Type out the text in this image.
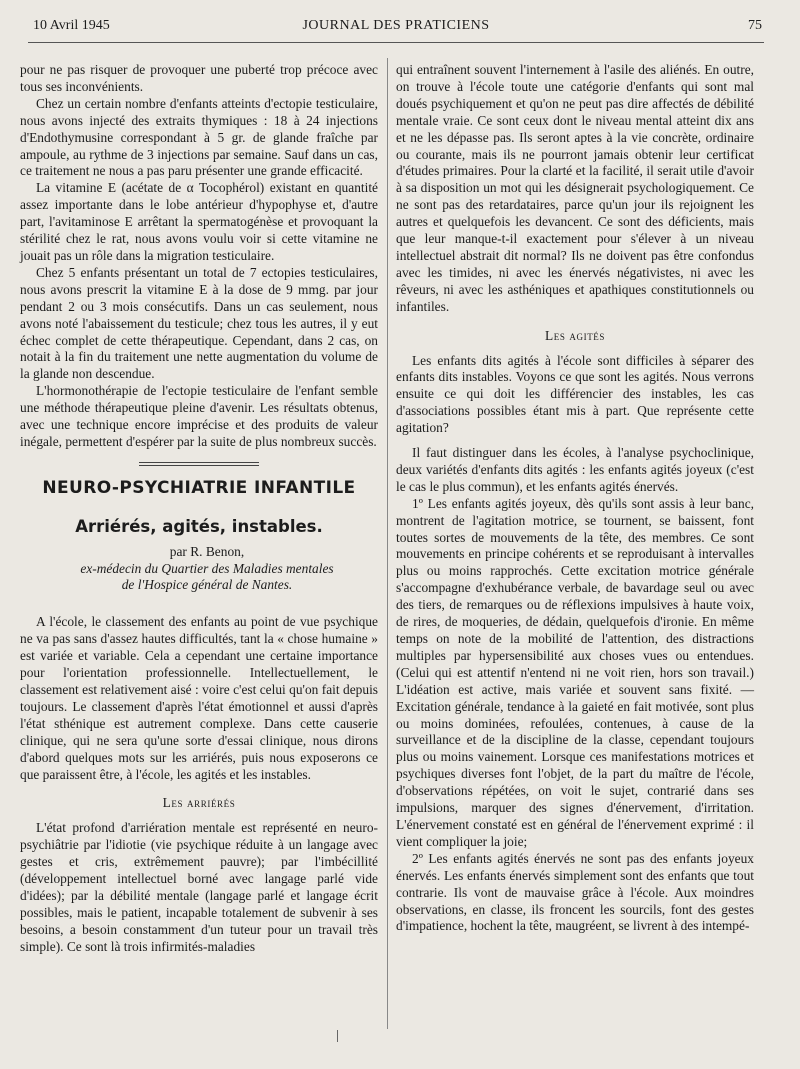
10 Avril 1945	JOURNAL DES PRATICIENS	75

pour ne pas risquer de provoquer une puberté trop précoce avec tous ses inconvénients.

Chez un certain nombre d'enfants atteints d'ectopie testiculaire, nous avons injecté des extraits thymiques : 18 à 24 injections d'Endothymusine correspondant à 5 gr. de glande fraîche par ampoule, au rythme de 3 injections par semaine. Sauf dans un cas, ce traitement ne nous a pas paru présenter une grande efficacité.

La vitamine E (acétate de α Tocophérol) existant en quantité assez importante dans le lobe antérieur d'hypophyse et, d'autre part, l'avitaminose E arrêtant la spermatogénèse et provoquant la stérilité chez le rat, nous avons voulu voir si cette vitamine ne jouait pas un rôle dans la migration testiculaire.

Chez 5 enfants présentant un total de 7 ectopies testiculaires, nous avons prescrit la vitamine E à la dose de 9 mmg. par jour pendant 2 ou 3 mois consécutifs. Dans un cas seulement, nous avons noté l'abaissement du testicule; chez tous les autres, il y eut échec complet de cette thérapeutique. Cependant, dans 2 cas, on notait à la fin du traitement une nette augmentation du volume de la glande non descendue.

L'hormonothérapie de l'ectopie testiculaire de l'enfant semble une méthode thérapeutique pleine d'avenir. Les résultats obtenus, avec une technique encore imprécise et des produits de valeur inégale, permettent d'espérer par la suite de plus nombreux succès.

NEURO-PSYCHIATRIE INFANTILE
Arriérés, agités, instables.

par R. Benon,

ex-médecin du Quartier des Maladies mentales

de l'Hospice général de Nantes.

A l'école, le classement des enfants au point de vue psychique ne va pas sans d'assez hautes difficultés, tant la « chose humaine » est variée et variable. Cela a cependant une certaine importance pour l'orientation professionnelle. Intellectuellement, le classement est relativement aisé : voire c'est celui qu'on fait depuis toujours. Le classement d'après l'état émotionnel et aussi d'après l'état sthénique est autrement complexe. Dans cette causerie clinique, qui ne sera qu'une sorte d'essai clinique, nous dirons d'abord quelques mots sur les arriérés, puis nous exposerons ce que paraissent être, à l'école, les agités et les instables.

Les arriérés

L'état profond d'arriération mentale est représenté en neuro-psychiâtrie par l'idiotie (vie psychique réduite à un langage avec gestes et cris, extrêmement pauvre); par l'imbécillité (développement intellectuel borné avec langage parlé vide d'idées); par la débilité mentale (langage parlé et langage écrit possibles, mais le patient, incapable totalement de subvenir à ses besoins, a besoin constamment d'un tuteur pour un travail très simple). Ce sont là trois infirmités-maladies

qui entraînent souvent l'internement à l'asile des aliénés. En outre, on trouve à l'école toute une catégorie d'enfants qui sont mal doués psychiquement et qu'on ne peut pas dire affectés de débilité mentale vraie. Ce sont ceux dont le niveau mental atteint dix ans et ne les dépasse pas. Ils seront aptes à la vie concrète, ordinaire ou courante, mais ils ne pourront jamais obtenir leur certificat d'études primaires. Pour la clarté et la facilité, il serait utile d'avoir à sa disposition un mot qui les désignerait psychologiquement. Ce ne sont pas des retardataires, parce qu'un jour ils rejoignent les autres et quelquefois les devancent. Ce sont des déficients, mais que leur manque-t-il exactement pour s'élever à un niveau intellectuel abstrait dit normal? Ils ne doivent pas être confondus avec les timides, ni avec les énervés négativistes, ni avec les rêveurs, ni avec les asthéniques et apathiques constitutionnels ou infantiles.

Les agités

Les enfants dits agités à l'école sont difficiles à séparer des enfants dits instables. Voyons ce que sont les agités. Nous verrons ensuite ce qui doit les différencier des instables, les cas d'associations possibles étant mis à part. Que représente cette agitation?

Il faut distinguer dans les écoles, à l'analyse psychoclinique, deux variétés d'enfants dits agités : les enfants agités joyeux (c'est le cas le plus commun), et les enfants agités énervés.

1º Les enfants agités joyeux, dès qu'ils sont assis à leur banc, montrent de l'agitation motrice, se tournent, se baissent, font toutes sortes de mouvements de la tête, des membres. Ce sont mouvements en principe cohérents et se reproduisant à intervalles plus ou moins rapprochés. Cette excitation motrice générale s'accompagne d'exhubérance verbale, de bavardage seul ou avec des tiers, de remarques ou de réflexions impulsives à haute voix, de rires, de moqueries, de dédain, quelquefois d'ironie. En même temps on note de la mobilité de l'attention, des distractions multiples par hypersensibilité aux choses vues ou entendues. (Celui qui est attentif n'entend ni ne voit rien, hors son travail.) L'idéation est active, mais variée et souvent sans fixité. — Excitation générale, tendance à la gaieté en fait motivée, sont plus ou moins dominées, refoulées, contenues, à cause de la surveillance et de la discipline de la classe, cependant toujours plus ou moins vainement. Lorsque ces manifestations motrices et psychiques diverses font l'objet, de la part du maître de l'école, d'observations répétées, on voit le sujet, contrarié dans ses impulsions, marquer des signes d'énervement, d'irritation. L'énervement constaté est en général de l'énervement exprimé : il vient compliquer la joie;

2º Les enfants agités énervés ne sont pas des enfants joyeux énervés. Les enfants énervés simplement sont des enfants que tout contrarie. Ils vont de mauvaise grâce à l'école. Aux moindres observations, en classe, ils froncent les sourcils, font des gestes d'impatience, hochent la tête, maugréent, se livrent à des intempé-
